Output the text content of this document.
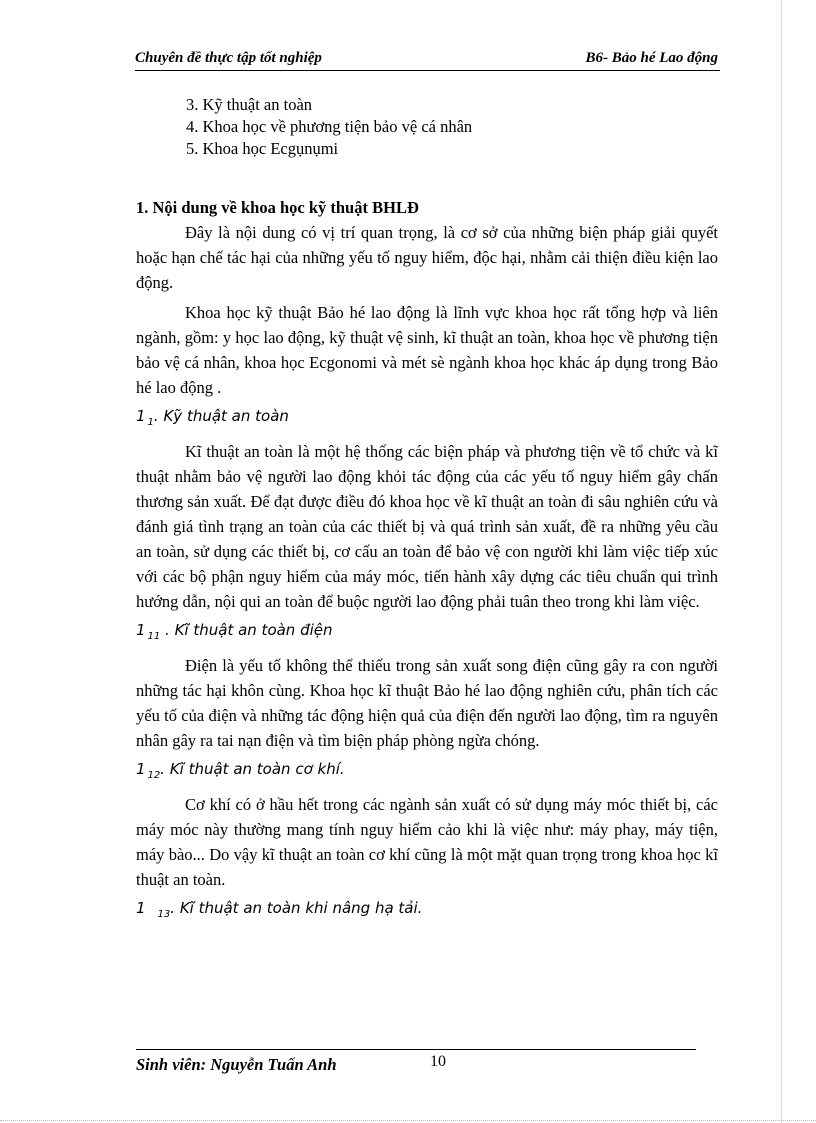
Chuyên đề thực tập tốt nghiệp	B6- Bảo hé Lao động
3. Kỹ thuật an toàn
4. Khoa học về phương tiện bảo vệ cá nhân
5. Khoa học Ecgụnụmi
1. Nội dung về khoa học kỹ thuật BHLĐ

Đây là nội dung có vị trí quan trọng, là cơ sở của những biện pháp giải quyết hoặc hạn chế tác hại của những yếu tố nguy hiểm, độc hại, nhằm cải thiện điều kiện lao động.

Khoa học kỹ thuật Bảo hé lao động là lĩnh vực khoa học rất tổng hợp và liên ngành, gồm: y học lao động, kỹ thuật vệ sinh, kĩ thuật an toàn, khoa học về phương tiện bảo vệ cá nhân, khoa học Ecgonomi và mét sè ngành khoa học khác áp dụng trong Bảo hé lao động .

1 $_1$. Kỹ thuật an toàn

Kĩ thuật an toàn là một hệ thống các biện pháp và phương tiện về tổ chức và kĩ thuật nhằm bảo vệ người lao động khỏi tác động của các yếu tố nguy hiểm gây chấn thương sản xuất. Để đạt được điều đó khoa học về kĩ thuật an toàn đi sâu nghiên cứu và đánh giá tình trạng an toàn của các thiết bị và quá trình sản xuất, đề ra những yêu cầu an toàn, sử dụng các thiết bị, cơ cấu an toàn để bảo vệ con người khi làm việc tiếp xúc với các bộ phận nguy hiểm của máy móc, tiến hành xây dựng các tiêu chuẩn qui trình hướng dẫn, nội qui an toàn để buộc người lao động phải tuân theo trong khi làm việc.

1 $_{11}$ . Kĩ thuật an toàn điện

Điện là yếu tố không thể thiếu trong sản xuất song điện cũng gây ra con người những tác hại khôn cùng. Khoa học kĩ thuật Bảo hé lao động nghiên cứu, phân tích các yếu tố của điện và những tác động hiện quả của điện đến người lao động, tìm ra nguyên nhân gây ra tai nạn điện và tìm biện pháp phòng ngừa chóng.

1 $_{12}$. Kĩ thuật an toàn cơ khí.

Cơ khí có ở hầu hết trong các ngành sản xuất có sử dụng máy móc thiết bị, các máy móc này thường mang tính nguy hiểm cảo khi là việc như: máy phay, máy tiện, máy bào... Do vậy kĩ thuật an toàn cơ khí cũng là một mặt quan trọng trong khoa học kĩ thuật an toàn.

1 $_{13}$. Kĩ thuật an toàn khi nâng hạ tải.
Sinh viên: Nguyễn Tuấn Anh	10
